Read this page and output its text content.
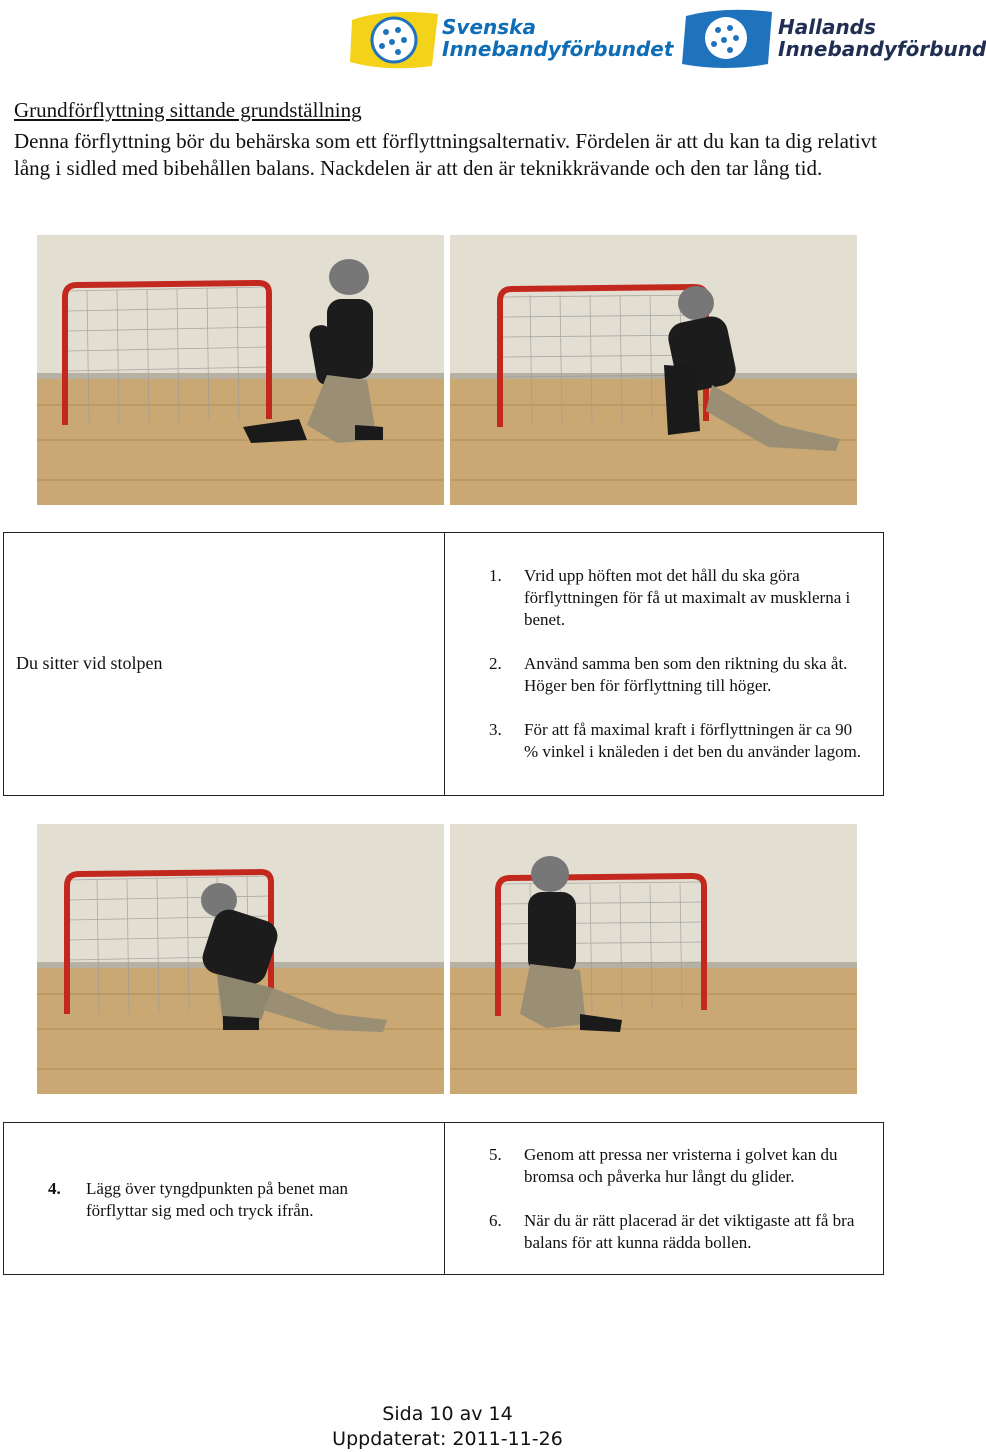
Svenska
Innebandyförbundet
Hallands
Innebandyförbund
Grundförflyttning sittande grundställning

Denna förflyttning bör du behärska som ett förflyttningsalternativ. Fördelen är att du kan ta dig relativt lång i sidled med bibehållen balans. Nackdelen är att den är teknikkrävande och den tar lång tid.

Du sitter vid stolpen

1. Vrid upp höften mot det håll du ska göra förflyttningen för få ut maximalt av musklerna i benet.
2. Använd samma ben som den riktning du ska åt. Höger ben för förflyttning till höger.
3. För att få maximal kraft i förflyttningen är ca 90 % vinkel i knäleden i det ben du använder lagom.
4.	Lägg över tyngdpunkten på benet man förflyttar sig med och tryck ifrån.

5. Genom att pressa ner vristerna i golvet kan du bromsa och påverka hur långt du glider.
6. När du är rätt placerad är det viktigaste att få bra balans för att kunna rädda bollen.
Sida 10 av 14
Uppdaterat: 2011-11-26
